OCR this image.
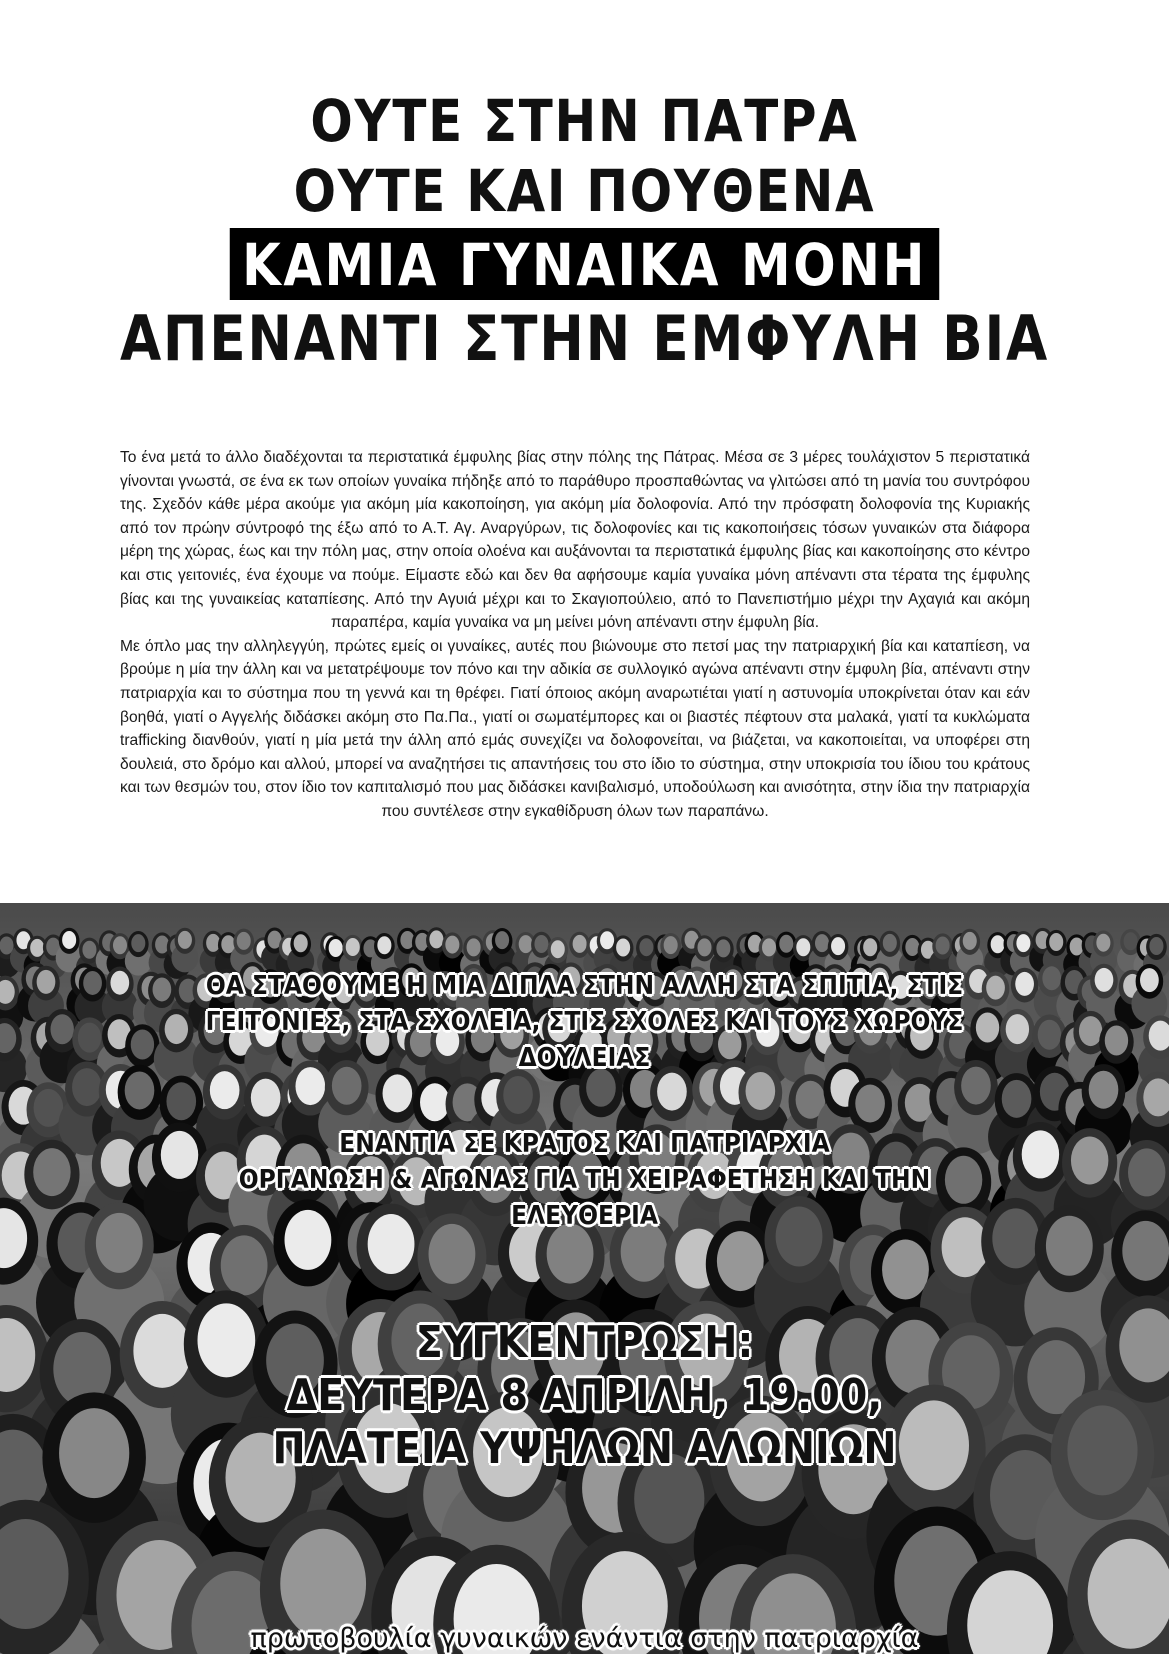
ΟΥΤΕ ΣΤΗΝ ΠΑΤΡΑ
ΟΥΤΕ ΚΑΙ ΠΟΥΘΕΝΑ
ΚΑΜΙΑ ΓΥΝΑΙΚΑ ΜΟΝΗ
ΑΠΕΝΑΝΤΙ ΣΤΗΝ ΕΜΦΥΛΗ ΒΙΑ

Το ένα μετά το άλλο διαδέχονται τα περιστατικά έμφυλης βίας στην πόλης της Πάτρας. Μέσα σε 3 μέρες τουλάχιστον 5 περιστατικά γίνονται γνωστά, σε ένα εκ των οποίων γυναίκα πήδηξε από το παράθυρο προσπαθώντας να γλιτώσει από τη μανία του συντρόφου της. Σχεδόν κάθε μέρα ακούμε για ακόμη μία κακοποίηση, για ακόμη μία δολοφονία. Από την πρόσφατη δολοφονία της Κυριακής από τον πρώην σύντροφό της έξω από το Α.Τ. Αγ. Αναργύρων, τις δολοφονίες και τις κακοποιήσεις τόσων γυναικών στα διάφορα μέρη της χώρας, έως και την πόλη μας, στην οποία ολοένα και αυξάνονται τα περιστατικά έμφυλης βίας και κακοποίησης στο κέντρο και στις γειτονιές, ένα έχουμε να πούμε. Είμαστε εδώ και δεν θα αφήσουμε καμία γυναίκα μόνη απέναντι στα τέρατα της έμφυλης βίας και της γυναικείας καταπίεσης. Από την Αγυιά μέχρι και το Σκαγιοπούλειο, από το Πανεπιστήμιο μέχρι την Αχαγιά και ακόμη παραπέρα, καμία γυναίκα να μη μείνει μόνη απέναντι στην έμφυλη βία.

Με όπλο μας την αλληλεγγύη, πρώτες εμείς οι γυναίκες, αυτές που βιώνουμε στο πετσί μας την πατριαρχική βία και καταπίεση, να βρούμε η μία την άλλη και να μετατρέψουμε τον πόνο και την αδικία σε συλλογικό αγώνα απέναντι στην έμφυλη βία, απέναντι στην πατριαρχία και το σύστημα που τη γεννά και τη θρέφει. Γιατί όποιος ακόμη αναρωτιέται γιατί η αστυνομία υποκρίνεται όταν και εάν βοηθά, γιατί ο Αγγελής διδάσκει ακόμη στο Πα.Πα., γιατί οι σωματέμπορες και οι βιαστές πέφτουν στα μαλακά, γιατί τα κυκλώματα trafficking διανθούν, γιατί η μία μετά την άλλη από εμάς συνεχίζει να δολοφονείται, να βιάζεται, να κακοποιείται, να υποφέρει στη δουλειά, στο δρόμο και αλλού, μπορεί να αναζητήσει τις απαντήσεις του στο ίδιο το σύστημα, στην υποκρισία του ίδιου του κράτους και των θεσμών του, στον ίδιο τον καπιταλισμό που μας διδάσκει κανιβαλισμό, υποδούλωση και ανισότητα, στην ίδια την πατριαρχία που συντέλεσε στην εγκαθίδρυση όλων των παραπάνω.

ΘΑ ΣΤΑΘΟΥΜΕ Η ΜΙΑ ΔΙΠΛΑ ΣΤΗΝ ΑΛΛΗ ΣΤΑ ΣΠΙΤΙΑ, ΣΤΙΣ
ΓΕΙΤΟΝΙΕΣ, ΣΤΑ ΣΧΟΛΕΙΑ, ΣΤΙΣ ΣΧΟΛΕΣ ΚΑΙ ΤΟΥΣ ΧΩΡΟΥΣ
ΔΟΥΛΕΙΑΣ
ΕΝΑΝΤΙΑ ΣΕ ΚΡΑΤΟΣ ΚΑΙ ΠΑΤΡΙΑΡΧΙΑ
ΟΡΓΑΝΩΣΗ & ΑΓΩΝΑΣ ΓΙΑ ΤΗ ΧΕΙΡΑΦΕΤΗΣΗ ΚΑΙ ΤΗΝ
ΕΛΕΥΘΕΡΙΑ
ΣΥΓΚΕΝΤΡΩΣΗ:
ΔΕΥΤΕΡΑ 8 ΑΠΡΙΛΗ, 19.00,
ΠΛΑΤΕΙΑ ΥΨΗΛΩΝ ΑΛΩΝΙΩΝ
πρωτοβουλία γυναικών ενάντια στην πατριαρχία
